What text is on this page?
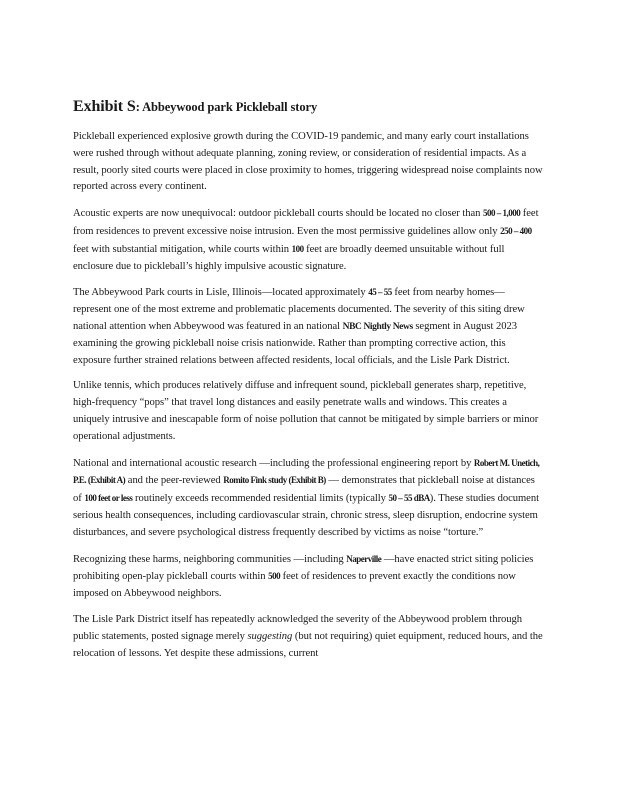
Exhibit S: Abbeywood park Pickleball story

Pickleball experienced explosive growth during the COVID-19 pandemic, and many early court installations were rushed through without adequate planning, zoning review, or consideration of residential impacts. As a result, poorly sited courts were placed in close proximity to homes, triggering widespread noise complaints now reported across every continent.

Acoustic experts are now unequivocal: outdoor pickleball courts should be located no closer than 500 – 1,000 feet from residences to prevent excessive noise intrusion. Even the most permissive guidelines allow only 250 – 400 feet with substantial mitigation, while courts within 100 feet are broadly deemed unsuitable without full enclosure due to pickleball’s highly impulsive acoustic signature.

The Abbeywood Park courts in Lisle, Illinois—located approximately 45 – 55 feet from nearby homes—represent one of the most extreme and problematic placements documented. The severity of this siting drew national attention when Abbeywood was featured in an national NBC Nightly News segment in August 2023 examining the growing pickleball noise crisis nationwide. Rather than prompting corrective action, this exposure further strained relations between affected residents, local officials, and the Lisle Park District.

Unlike tennis, which produces relatively diffuse and infrequent sound, pickleball generates sharp, repetitive, high-frequency “pops” that travel long distances and easily penetrate walls and windows. This creates a uniquely intrusive and inescapable form of noise pollution that cannot be mitigated by simple barriers or minor operational adjustments.

National and international acoustic research —including the professional engineering report by Robert M. Unetich, P.E. (Exhibit A) and the peer-reviewed Romito Fink study (Exhibit B) — demonstrates that pickleball noise at distances of 100 feet or less routinely exceeds recommended residential limits (typically 50 – 55 dBA). These studies document serious health consequences, including cardiovascular strain, chronic stress, sleep disruption, endocrine system disturbances, and severe psychological distress frequently described by victims as noise “torture.”

Recognizing these harms, neighboring communities —including Naperville —have enacted strict siting policies prohibiting open-play pickleball courts within 500 feet of residences to prevent exactly the conditions now imposed on Abbeywood neighbors.

The Lisle Park District itself has repeatedly acknowledged the severity of the Abbeywood problem through public statements, posted signage merely suggesting (but not requiring) quiet equipment, reduced hours, and the relocation of lessons. Yet despite these admissions, current
